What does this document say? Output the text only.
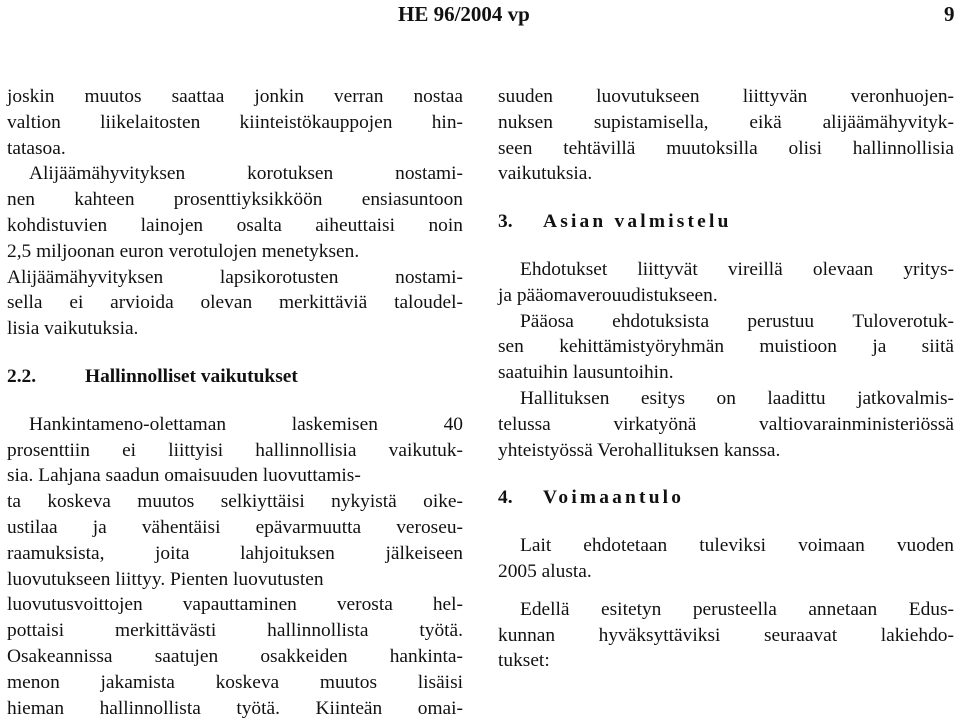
HE 96/2004 vp	9
joskin muutos saattaa jonkin verran nostaa
valtion liikelaitosten kiinteistökauppojen hin-
tatasoa.
Alijäämähyvityksen	korotuksen	nostami-
nen kahteen prosenttiyksikköön ensiasuntoon
kohdistuvien lainojen osalta aiheuttaisi noin
2,5 miljoonan euron verotulojen menetyksen.
Alijäämähyvityksen	lapsikorotusten	nostami-
sella ei arvioida olevan merkittäviä taloudel-
lisia vaikutuksia.
2.2.	Hallinnolliset vaikutukset
Hankintameno-olettaman	laskemisen	40
prosenttiin ei liittyisi hallinnollisia vaikutuk-
sia.
Lahjana saadun omaisuuden luovuttamis-
ta koskeva muutos selkiyttäisi nykyistä oike-
ustilaa ja vähentäisi epävarmuutta veroseu-
raamuksista,	joita	lahjoituksen	jälkeiseen
luovutukseen liittyy.
Pienten luovutusten
luovutusvoittojen vapauttaminen verosta hel-
pottaisi	merkittävästi	hallinnollista	työtä.
Osakeannissa saatujen osakkeiden hankinta-
menon jakamista koskeva muutos lisäisi
hieman hallinnollista työtä. Kiinteän omai-
suuden luovutukseen liittyvän veronhuojen-
nuksen supistamisella, eikä alijäämähyvityk-
seen tehtävillä muutoksilla olisi hallinnollisia
vaikutuksia.
3.	Asian valmistelu
Ehdotukset liittyvät vireillä olevaan yritys-
ja pääomaverouudistukseen.
Pääosa ehdotuksista perustuu Tuloverotuk-
sen kehittämistyöryhmän muistioon ja siitä
saatuihin lausuntoihin.
Hallituksen esitys on laadittu jatkovalmis-
telussa	virkatyönä	valtiovarainministeriössä
yhteistyössä Verohallituksen kanssa.
4.	Voimaantulo
Lait ehdotetaan tuleviksi voimaan vuoden
2005 alusta.
Edellä esitetyn perusteella annetaan Edus-
kunnan hyväksyttäviksi seuraavat lakiehdo-
tukset:
